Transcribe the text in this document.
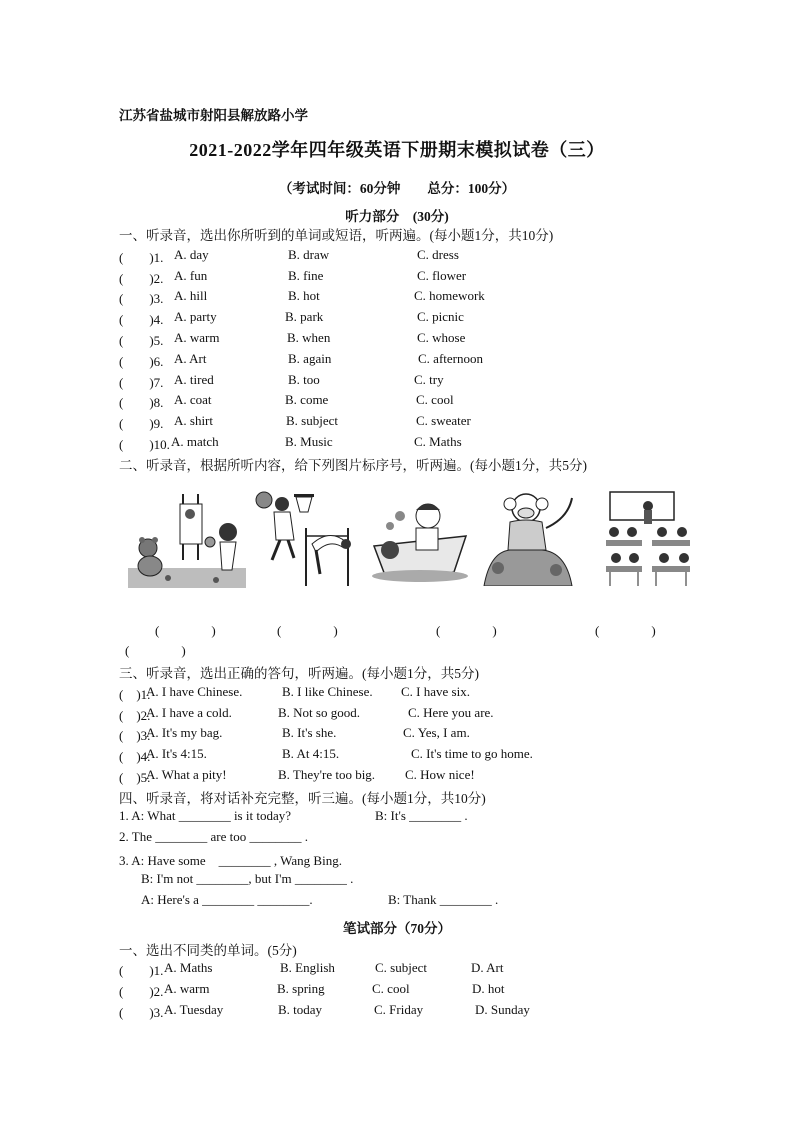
江苏省盐城市射阳县解放路小学
2021-2022学年四年级英语下册期末模拟试卷（三）
（考试时间：60分钟　　总分：100分）
听力部分　(30分)
一、听录音，选出你所听到的单词或短语，听两遍。(每小题1分，共10分)
(　　)1. A. day	B. draw	C. dress
(　　)2. A. fun	B. fine	C. flower
(　　)3. A. hill	B. hot	C. homework
(　　)4. A. party	B. park	C. picnic
(　　)5. A. warm	B. when	C. whose
(　　)6. A. Art	B. again	C. afternoon
(　　)7. A. tired	B. too	C. try
(　　)8. A. coat	B. come	C. cool
(　　)9. A. shirt	B. subject	C. sweater
(　　)10. A. match	B. Music	C. Maths
二、听录音，根据所听内容，给下列图片标序号，听两遍。(每小题1分，共5分)
(　　　　)	(　　　　)	(　　　　)	(　　　　)
(　　　　)
三、听录音，选出正确的答句，听两遍。(每小题1分，共5分)
(　)1.
A. I have Chinese.	B. I like Chinese. C. I have six.
(　)2.
A. I have a cold.	B. Not so good.	C. Here you are.
(　)3.
A. It's my bag.	B. It's she.	C. Yes, I am.
(　)4.
A. It's 4:15.	B. At 4:15.	C. It's time to go home.
(　)5.
A. What a pity!	B. They're too big. C. How nice!
四、听录音，将对话补充完整，听三遍。(每小题1分，共10分)
1. A: What ________ is it today?	B: It's ________ .
2. The ________ are too ________ .
3. A: Have some　________ , Wang Bing.
B: I'm not ________, but I'm ________ .
A: Here's a ________ ________.	B: Thank ________ .
笔试部分（70分）
一、选出不同类的单词。(5分)
(　　)1. A. Maths	B. English	C. subject	D. Art
(　　)2. A. warm	B. spring	C. cool	D. hot
(　　)3. A. Tuesday	B. today	C. Friday	D. Sunday
